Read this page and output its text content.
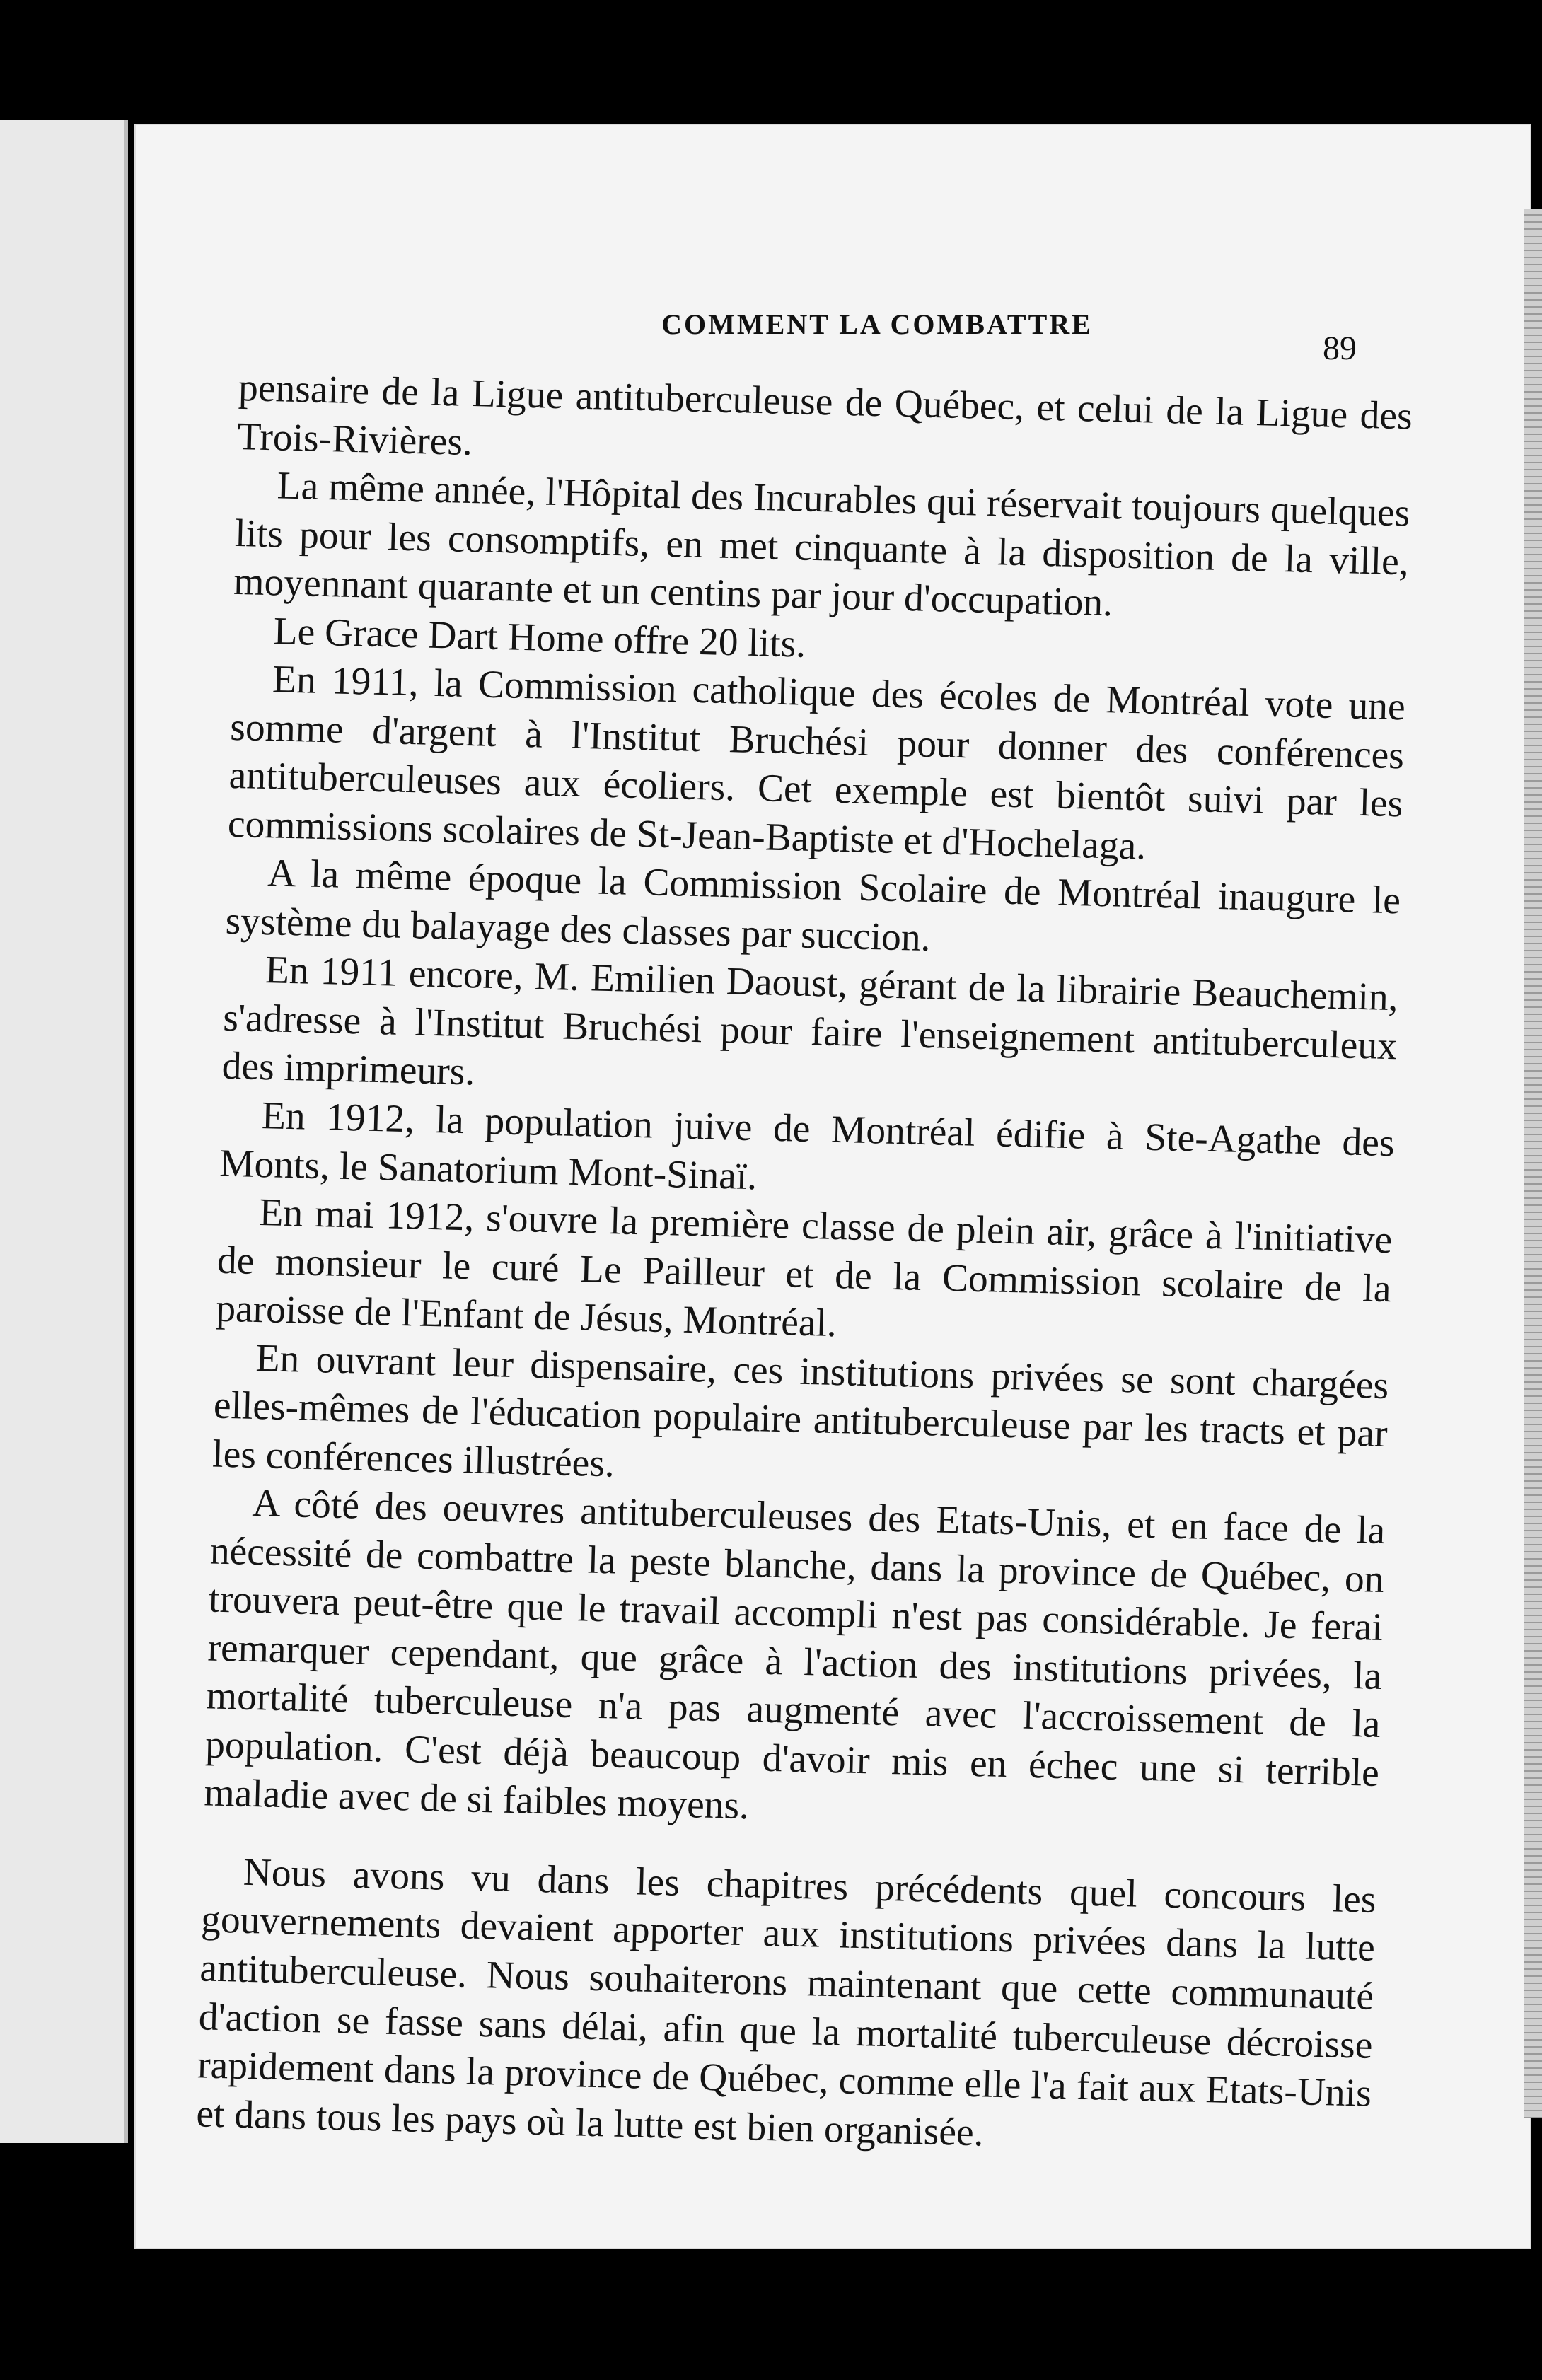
COMMENT LA COMBATTRE
89

pensaire de la Ligue antituberculeuse de Québec, et celui de la Ligue des Trois-Rivières.

La même année, l'Hôpital des Incurables qui réservait toujours quelques lits pour les consomptifs, en met cinquante à la disposition de la ville, moyennant quarante et un centins par jour d'occupation.

Le Grace Dart Home offre 20 lits.

En 1911, la Commission catholique des écoles de Montréal vote une somme d'argent à l'Institut Bruchési pour donner des conférences antituberculeuses aux écoliers. Cet exemple est bientôt suivi par les commissions scolaires de St-Jean-Baptiste et d'Hochelaga.

A la même époque la Commission Scolaire de Montréal inaugure le système du balayage des classes par succion.

En 1911 encore, M. Emilien Daoust, gérant de la librairie Beauchemin, s'adresse à l'Institut Bruchési pour faire l'enseignement antituberculeux des imprimeurs.

En 1912, la population juive de Montréal édifie à Ste-Agathe des Monts, le Sanatorium Mont-Sinaï.

En mai 1912, s'ouvre la première classe de plein air, grâce à l'initiative de monsieur le curé Le Pailleur et de la Commission scolaire de la paroisse de l'Enfant de Jésus, Montréal.

En ouvrant leur dispensaire, ces institutions privées se sont chargées elles-mêmes de l'éducation populaire antituberculeuse par les tracts et par les conférences illustrées.

A côté des oeuvres antituberculeuses des Etats-Unis, et en face de la nécessité de combattre la peste blanche, dans la province de Québec, on trouvera peut-être que le travail accompli n'est pas considérable. Je ferai remarquer cependant, que grâce à l'action des institutions privées, la mortalité tuberculeuse n'a pas augmenté avec l'accroissement de la population. C'est déjà beaucoup d'avoir mis en échec une si terrible maladie avec de si faibles moyens.

Nous avons vu dans les chapitres précédents quel concours les gouvernements devaient apporter aux institutions privées dans la lutte antituberculeuse. Nous souhaiterons maintenant que cette communauté d'action se fasse sans délai, afin que la mortalité tuberculeuse décroisse rapidement dans la province de Québec, comme elle l'a fait aux Etats-Unis et dans tous les pays où la lutte est bien organisée.
